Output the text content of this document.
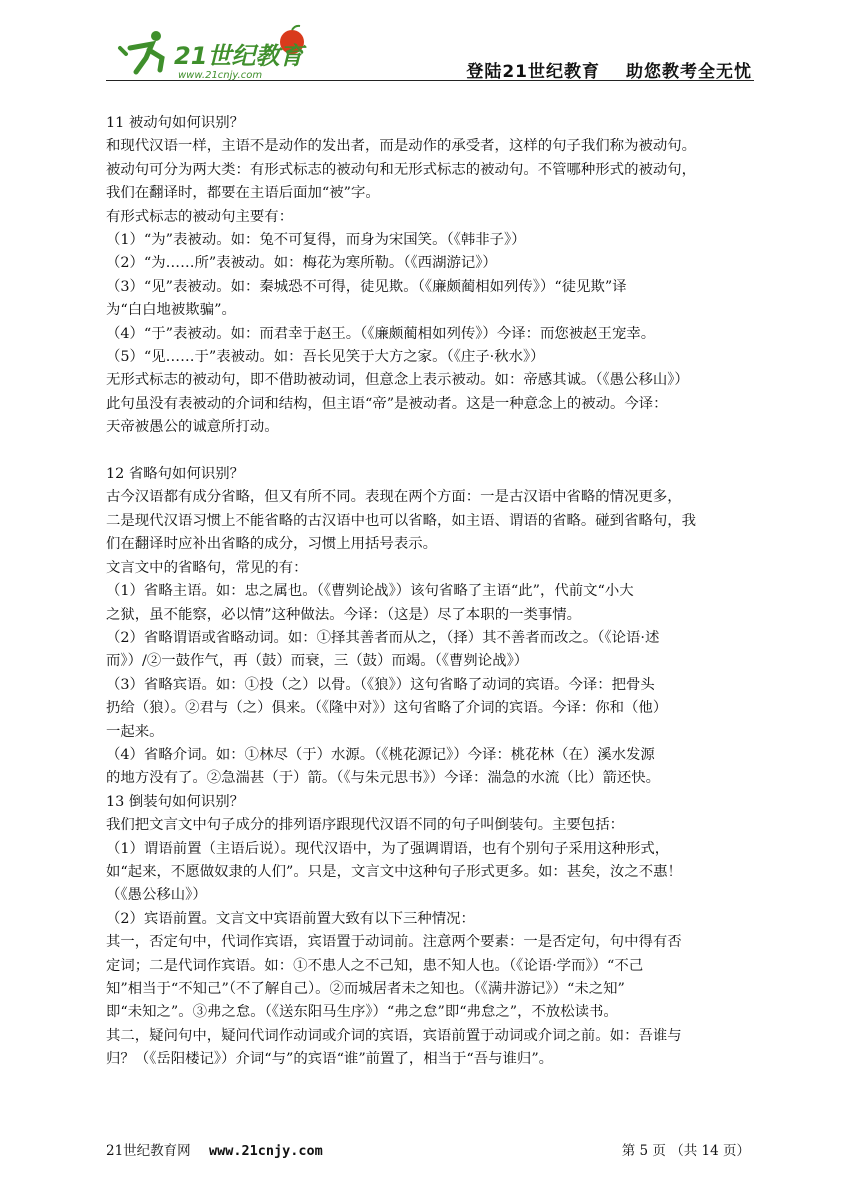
21世纪教育
www.21cnjy.com	登陆21世纪教育 助您教考全无忧

11 被动句如何识别？

和现代汉语一样，主语不是动作的发出者，而是动作的承受者，这样的句子我们称为被动句。

被动句可分为两大类：有形式标志的被动句和无形式标志的被动句。不管哪种形式的被动句，

我们在翻译时，都要在主语后面加“被”字。

有形式标志的被动句主要有：

（1）“为”表被动。如：兔不可复得，而身为宋国笑。（《韩非子》）

（2）“为……所”表被动。如：梅花为寒所勒。（《西湖游记》）

（3）“见”表被动。如：秦城恐不可得，徒见欺。（《廉颇蔺相如列传》）“徒见欺”译

为“白白地被欺骗”。

（4）“于”表被动。如：而君幸于赵王。（《廉颇蔺相如列传》）今译：而您被赵王宠幸。

（5）“见……于”表被动。如：吾长见笑于大方之家。（《庄子·秋水》）

无形式标志的被动句，即不借助被动词，但意念上表示被动。如：帝感其诚。（《愚公移山》）

此句虽没有表被动的介词和结构，但主语“帝”是被动者。这是一种意念上的被动。今译：

天帝被愚公的诚意所打动。

12 省略句如何识别？

古今汉语都有成分省略，但又有所不同。表现在两个方面：一是古汉语中省略的情况更多，

二是现代汉语习惯上不能省略的古汉语中也可以省略，如主语、谓语的省略。碰到省略句，我

们在翻译时应补出省略的成分，习惯上用括号表示。

文言文中的省略句，常见的有：

（1）省略主语。如：忠之属也。（《曹刿论战》）该句省略了主语“此”，代前文“小大

之狱，虽不能察，必以情”这种做法。今译：（这是）尽了本职的一类事情。

（2）省略谓语或省略动词。如：①择其善者而从之，（择）其不善者而改之。（《论语·述

而》）/②一鼓作气，再（鼓）而衰，三（鼓）而竭。（《曹刿论战》）

（3）省略宾语。如：①投（之）以骨。（《狼》）这句省略了动词的宾语。今译：把骨头

扔给（狼）。②君与（之）俱来。（《隆中对》）这句省略了介词的宾语。今译：你和（他）

一起来。

（4）省略介词。如：①林尽（于）水源。（《桃花源记》）今译：桃花林（在）溪水发源

的地方没有了。②急湍甚（于）箭。（《与朱元思书》）今译：湍急的水流（比）箭还快。

13 倒装句如何识别？

我们把文言文中句子成分的排列语序跟现代汉语不同的句子叫倒装句。主要包括：

（1）谓语前置（主语后说）。现代汉语中，为了强调谓语，也有个别句子采用这种形式，

如“起来，不愿做奴隶的人们”。只是，文言文中这种句子形式更多。如：甚矣，汝之不惠！

（《愚公移山》）

（2）宾语前置。文言文中宾语前置大致有以下三种情况：

其一，否定句中，代词作宾语，宾语置于动词前。注意两个要素：一是否定句，句中得有否

定词；二是代词作宾语。如：①不患人之不己知，患不知人也。（《论语·学而》）“不己

知”相当于“不知己”（不了解自己）。②而城居者未之知也。（《满井游记》）“未之知”

即“未知之”。③弗之怠。（《送东阳马生序》）“弗之怠”即“弗怠之”，不放松读书。

其二，疑问句中，疑问代词作动词或介词的宾语，宾语前置于动词或介词之前。如：吾谁与

归？（《岳阳楼记》）介词“与”的宾语“谁”前置了，相当于“吾与谁归”。

21世纪教育网 www.21cnjy.com	第 5 页 （共 14 页）
